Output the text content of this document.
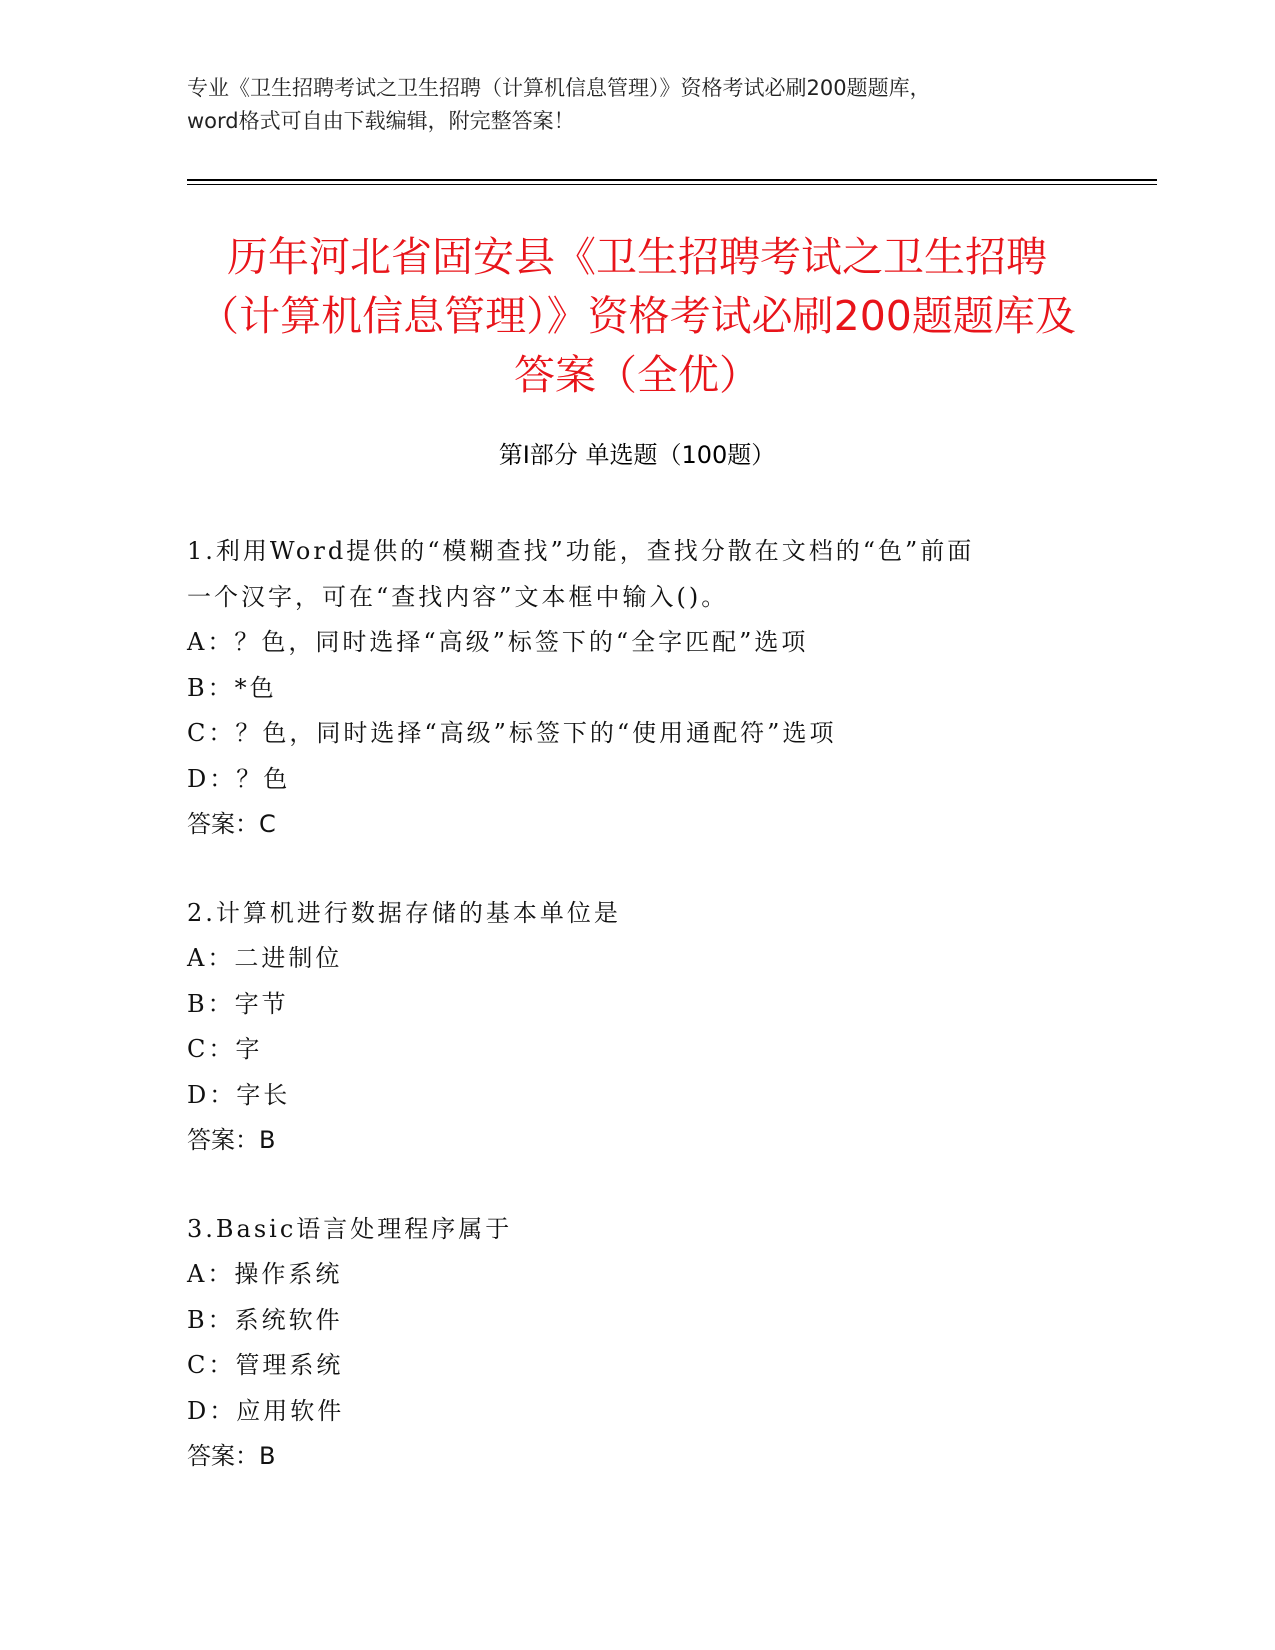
专业《卫生招聘考试之卫生招聘（计算机信息管理）》资格考试必刷200题题库，
word格式可自由下载编辑，附完整答案！
历年河北省固安县《卫生招聘考试之卫生招聘（计算机信息管理）》资格考试必刷200题题库及答案（全优）
第Ⅰ部分 单选题（100题）
1.利用Word提供的“模糊查找”功能，查找分散在文档的“色”前面
一个汉字，可在“查找内容”文本框中输入()。
A：？色，同时选择“高级”标签下的“全字匹配”选项
B：*色
C：？色，同时选择“高级”标签下的“使用通配符”选项
D：？色
答案：C
2.计算机进行数据存储的基本单位是
A：二进制位
B：字节
C：字
D：字长
答案：B
3.Basic语言处理程序属于
A：操作系统
B：系统软件
C：管理系统
D：应用软件
答案：B
